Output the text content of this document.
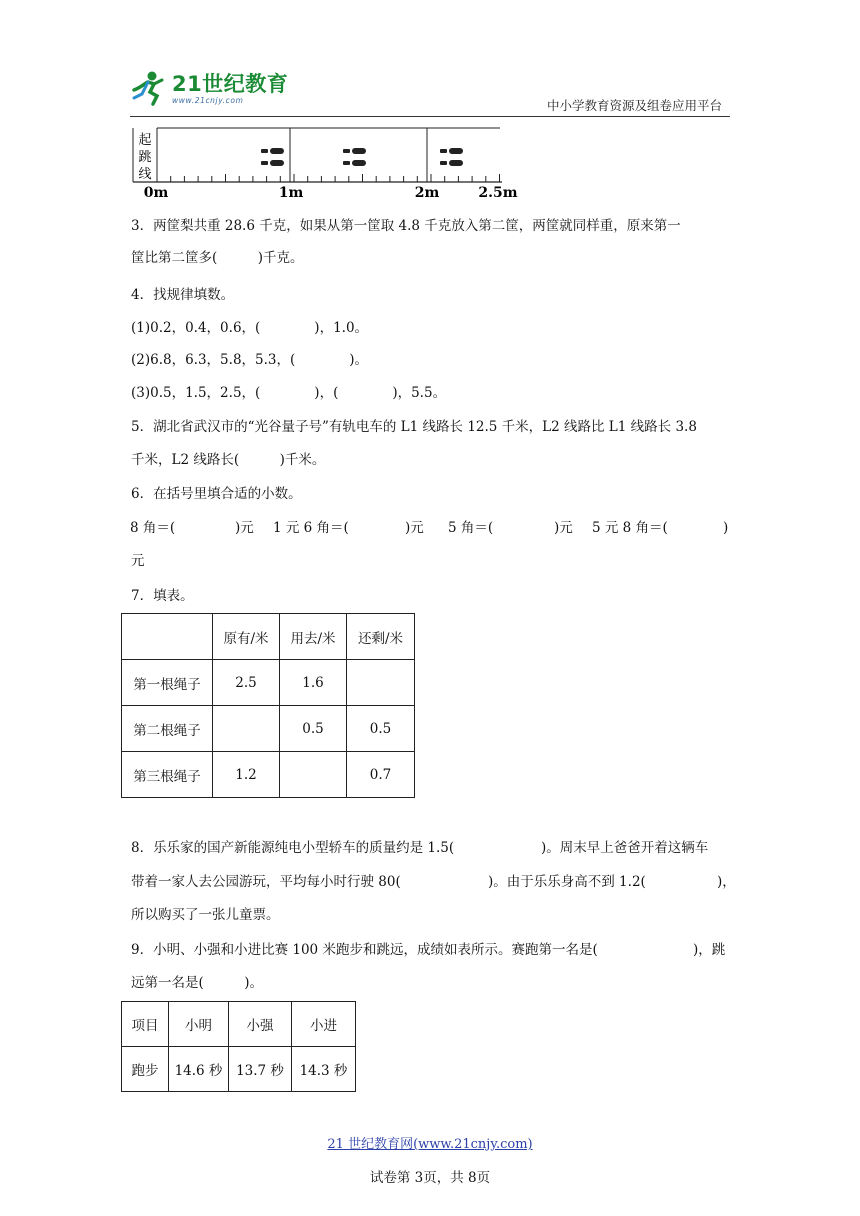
21世纪教育
www.21cnjy.com	中小学教育资源及组卷应用平台
起
跳
线
0m	1m	2m	2.5m
3．两筐梨共重 28.6 千克，如果从第一筐取 4.8 千克放入第二筐，两筐就同样重，原来第一
筐比第二筐多(　　　)千克。
4．找规律填数。
(1)0.2，0.4，0.6，(　　　　)，1.0。
(2)6.8，6.3，5.8，5.3，(　　　　)。
(3)0.5，1.5，2.5，(　　　　)，(　　　　)，5.5。
5．湖北省武汉市的“光谷量子号”有轨电车的 L1 线路长 12.5 千米，L2 线路比 L1 线路长 3.8
千米，L2 线路长(　　　)千米。
6．在括号里填合适的小数。
8 角＝(	)元 1 元 6 角＝(	)元 5 角＝(	)元 5 元 8 角＝(	)
元
7．填表。
	原有/米	用去/米	还剩/米
第一根绳子	2.5	1.6	
第二根绳子		0.5	0.5
第三根绳子	1.2		0.7
8．乐乐家的国产新能源纯电小型轿车的质量约是 1.5(	)。周末早上爸爸开着这辆车
带着一家人去公园游玩，平均每小时行驶 80(	)。由于乐乐身高不到 1.2(	)，
所以购买了一张儿童票。
9．小明、小强和小进比赛 100 米跑步和跳远，成绩如表所示。赛跑第一名是(	)，跳
远第一名是(　　　)。
项目	小明	小强	小进
跑步	14.6 秒	13.7 秒	14.3 秒
21 世纪教育网(www.21cnjy.com)
试卷第 3页，共 8页
